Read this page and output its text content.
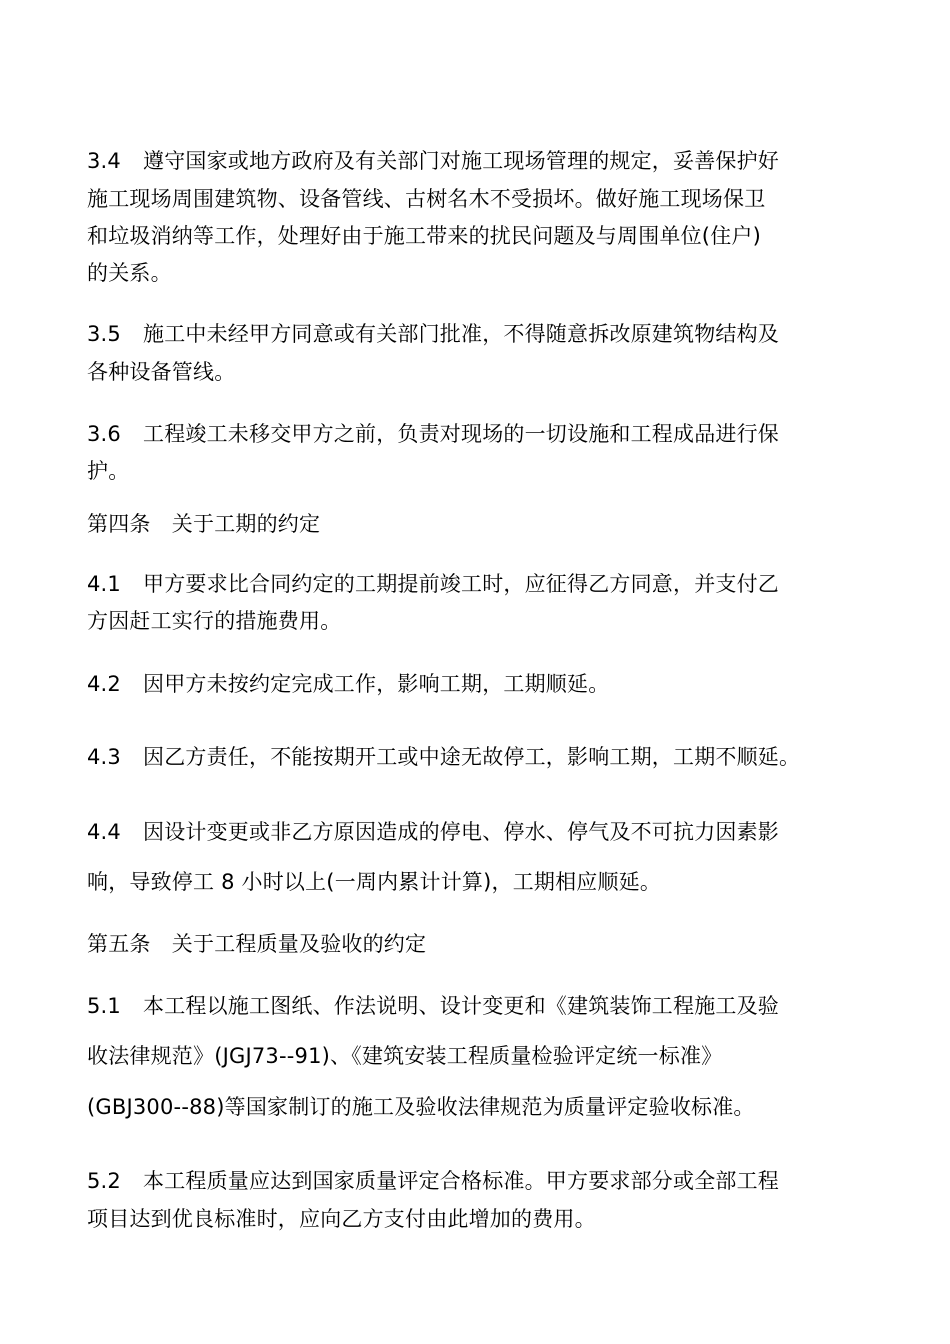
3.4 遵守国家或地方政府及有关部门对施工现场管理的规定，妥善保护好
施工现场周围建筑物、设备管线、古树名木不受损坏。做好施工现场保卫
和垃圾消纳等工作，处理好由于施工带来的扰民问题及与周围单位(住户)
的关系。
3.5 施工中未经甲方同意或有关部门批准，不得随意拆改原建筑物结构及
各种设备管线。
3.6 工程竣工未移交甲方之前，负责对现场的一切设施和工程成品进行保
护。
第四条　关于工期的约定
4.1 甲方要求比合同约定的工期提前竣工时，应征得乙方同意，并支付乙
方因赶工实行的措施费用。
4.2 因甲方未按约定完成工作，影响工期，工期顺延。
4.3 因乙方责任，不能按期开工或中途无故停工，影响工期，工期不顺延。
4.4 因设计变更或非乙方原因造成的停电、停水、停气及不可抗力因素影
响，导致停工 8 小时以上(一周内累计计算)，工期相应顺延。
第五条　关于工程质量及验收的约定
5.1 本工程以施工图纸、作法说明、设计变更和《建筑装饰工程施工及验
收法律规范》(JGJ73--91)、《建筑安装工程质量检验评定统一标准》
(GBJ300--88)等国家制订的施工及验收法律规范为质量评定验收标准。
5.2 本工程质量应达到国家质量评定合格标准。甲方要求部分或全部工程
项目达到优良标准时，应向乙方支付由此增加的费用。
